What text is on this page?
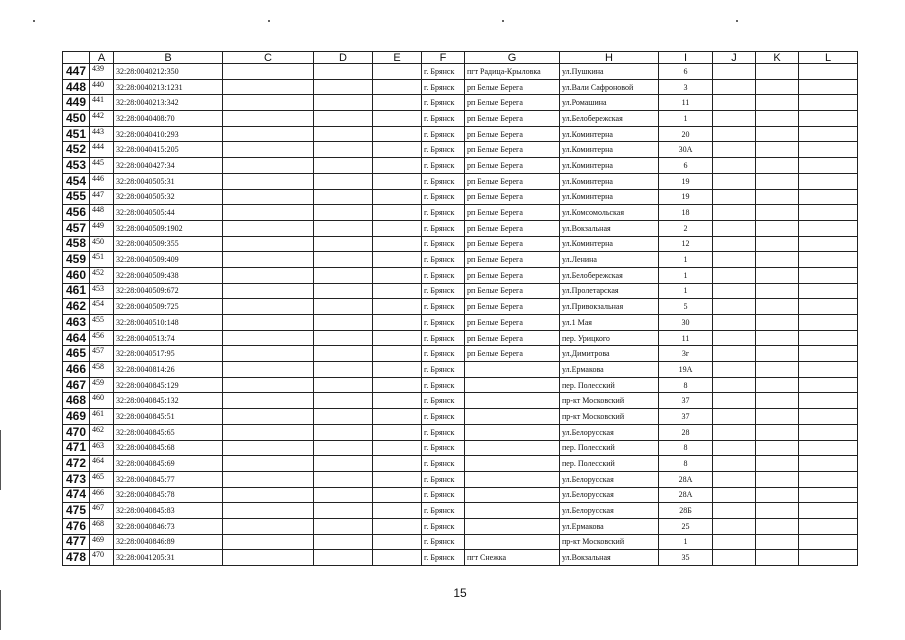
	A	B	C	D	E	F	G	H	I	J	K	L
447	439	32:28:0040212:350				г. Брянск	пгт Радица-Крыловка	ул.Пушкина	6			
448	440	32:28:0040213:1231				г. Брянск	рп Белые Берега	ул.Вали Сафроновой	3			
449	441	32:28:0040213:342				г. Брянск	рп Белые Берега	ул.Ромашина	11			
450	442	32:28:0040408:70				г. Брянск	рп Белые Берега	ул.Белобережская	1			
451	443	32:28:0040410:293				г. Брянск	рп Белые Берега	ул.Коминтерна	20			
452	444	32:28:0040415:205				г. Брянск	рп Белые Берега	ул.Коминтерна	30А			
453	445	32:28:0040427:34				г. Брянск	рп Белые Берега	ул.Коминтерна	6			
454	446	32:28:0040505:31				г. Брянск	рп Белые Берега	ул.Коминтерна	19			
455	447	32:28:0040505:32				г. Брянск	рп Белые Берега	ул.Коминтерна	19			
456	448	32:28:0040505:44				г. Брянск	рп Белые Берега	ул.Комсомольская	18			
457	449	32:28:0040509:1902				г. Брянск	рп Белые Берега	ул.Вокзальная	2			
458	450	32:28:0040509:355				г. Брянск	рп Белые Берега	ул.Коминтерна	12			
459	451	32:28:0040509:409				г. Брянск	рп Белые Берега	ул.Ленина	1			
460	452	32:28:0040509:438				г. Брянск	рп Белые Берега	ул.Белобережская	1			
461	453	32:28:0040509:672				г. Брянск	рп Белые Берега	ул.Пролетарская	1			
462	454	32:28:0040509:725				г. Брянск	рп Белые Берега	ул.Привокзальная	5			
463	455	32:28:0040510:148				г. Брянск	рп Белые Берега	ул.1 Мая	30			
464	456	32:28:0040513:74				г. Брянск	рп Белые Берега	пер. Урицкого	11			
465	457	32:28:0040517:95				г. Брянск	рп Белые Берега	ул.Димитрова	3г			
466	458	32:28:0040814:26				г. Брянск		ул.Ермакова	19А			
467	459	32:28:0040845:129				г. Брянск		пер. Полесский	8			
468	460	32:28:0040845:132				г. Брянск		пр-кт Московский	37			
469	461	32:28:0040845:51				г. Брянск		пр-кт Московский	37			
470	462	32:28:0040845:65				г. Брянск		ул.Белорусская	28			
471	463	32:28:0040845:68				г. Брянск		пер. Полесский	8			
472	464	32:28:0040845:69				г. Брянск		пер. Полесский	8			
473	465	32:28:0040845:77				г. Брянск		ул.Белорусская	28А			
474	466	32:28:0040845:78				г. Брянск		ул.Белорусская	28А			
475	467	32:28:0040845:83				г. Брянск		ул.Белорусская	28Б			
476	468	32:28:0040846:73				г. Брянск		ул.Ермакова	25			
477	469	32:28:0040846:89				г. Брянск		пр-кт Московский	1			
478	470	32:28:0041205:31				г. Брянск	пгт Снежка	ул.Вокзальная	35			
15
